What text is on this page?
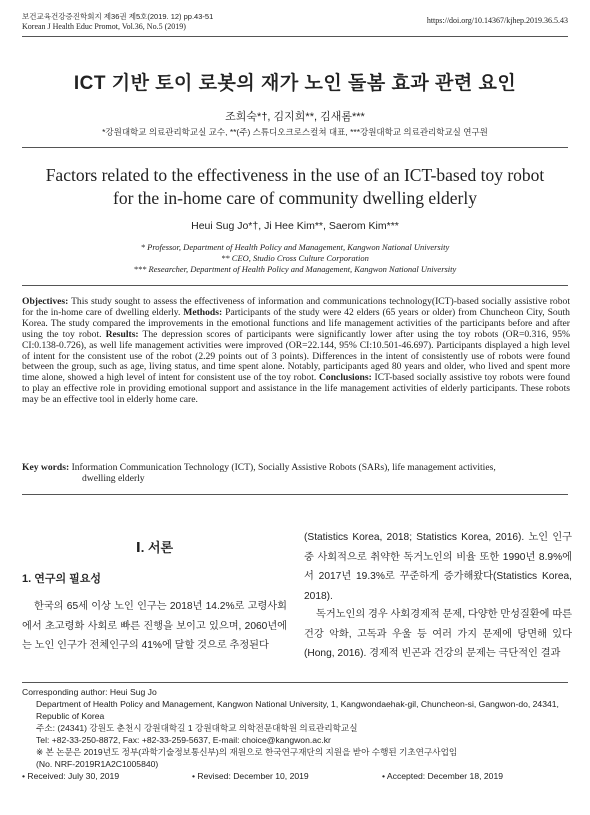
보건교육건강증진학회지 제36권 제5호(2019. 12) pp.43-51
Korean J Health Educ Promot, Vol.36, No.5 (2019)
https://doi.org/10.14367/kjhep.2019.36.5.43
ICT 기반 토이 로봇의 재가 노인 돌봄 효과 관련 요인
조희숙*†, 김지희**, 김새롬***
*강원대학교 의료관리학교실 교수, **(주) 스튜디오크로스컬쳐 대표, ***강원대학교 의료관리학교실 연구원
Factors related to the effectiveness in the use of an ICT-based toy robot
for the in-home care of community dwelling elderly
Heui Sug Jo*†, Ji Hee Kim**, Saerom Kim***
* Professor, Department of Health Policy and Management, Kangwon National University
** CEO, Studio Cross Culture Corporation
*** Researcher, Department of Health Policy and Management, Kangwon National University
Objectives: This study sought to assess the effectiveness of information and communications technology(ICT)-based socially assistive robot for the in-home care of dwelling elderly. Methods: Participants of the study were 42 elders (65 years or older) from Chuncheon City, South Korea. The study compared the improvements in the emotional functions and life management activities of the participants before and after using the toy robot. Results: The depression scores of participants were significantly lower after using the toy robots (OR=0.316, 95% CI:0.138-0.726), as well life management activities were improved (OR=22.144, 95% CI:10.501-46.697). Participants displayed a high level of intent for the consistent use of the robot (2.29 points out of 3 points). Differences in the intent of consistently use of robots were found between the group, such as age, living status, and time spent alone. Notably, participants aged 80 years and older, who lived and spent more time alone, showed a high level of intent for consistent use of the toy robot. Conclusions: ICT-based socially assistive toy robots were found to play an effective role in providing emotional support and assistance in the life management activities of elderly participants. These robots may be an effective tool in elderly home care.
Key words: Information Communication Technology (ICT), Socially Assistive Robots (SARs), life management activities,
dwelling elderly
Ⅰ. 서론
1. 연구의 필요성
한국의 65세 이상 노인 인구는 2018년 14.2%로 고령사회에서 초고령화 사회로 빠른 진행을 보이고 있으며, 2060년에는 노인 인구가 전체인구의 41%에 달할 것으로 추정된다
(Statistics Korea, 2018; Statistics Korea, 2016). 노인 인구 중 사회적으로 취약한 독거노인의 비율 또한 1990년 8.9%에서 2017년 19.3%로 꾸준하게 증가해왔다(Statistics Korea, 2018).
독거노인의 경우 사회경제적 문제, 다양한 만성질환에 따른 건강 악화, 고독과 우울 등 여러 가지 문제에 당면해 있다 (Hong, 2016). 경제적 빈곤과 건강의 문제는 극단적인 결과
Corresponding author: Heui Sug Jo
Department of Health Policy and Management, Kangwon National University, 1, Kangwondaehak-gil, Chuncheon-si, Gangwon-do, 24341, Republic of Korea
주소: (24341) 강원도 춘천시 강원대학길 1 강원대학교 의학전문대학원 의료관리학교실
Tel: +82-33-250-8872, Fax: +82-33-259-5637, E-mail: choice@kangwon.ac.kr
※ 본 논문은 2019년도 정부(과학기술정보통신부)의 재원으로 한국연구재단의 지원을 받아 수행된 기초연구사업임
(No. NRF-2019R1A2C1005840)
• Received: July 30, 2019	• Revised: December 10, 2019	• Accepted: December 18, 2019
